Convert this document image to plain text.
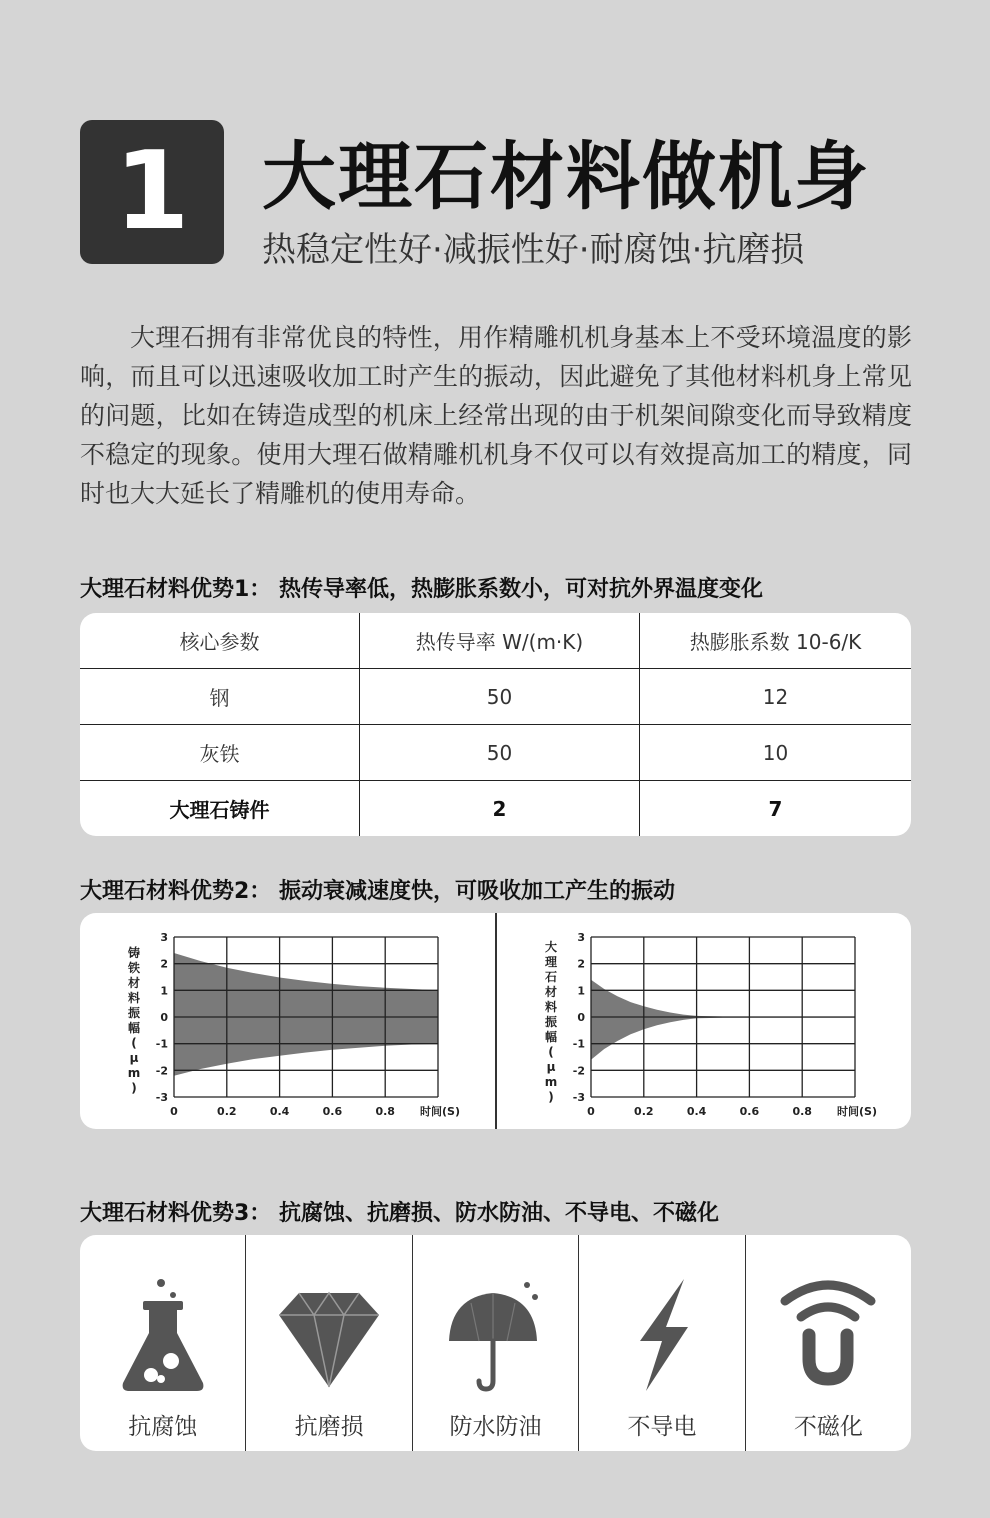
1 大理石材料做机身
热稳定性好·减振性好·耐腐蚀·抗磨损
大理石拥有非常优良的特性，用作精雕机机身基本上不受环境温度的影响，而且可以迅速吸收加工时产生的振动，因此避免了其他材料机身上常见的问题，比如在铸造成型的机床上经常出现的由于机架间隙变化而导致精度不稳定的现象。使用大理石做精雕机机身不仅可以有效提高加工的精度，同时也大大延长了精雕机的使用寿命。
大理石材料优势1： 热传导率低，热膨胀系数小，可对抗外界温度变化
核心参数	热传导率 W/(m·K)	热膨胀系数 10-6/K
钢	50	12
灰铁	50	10
大理石铸件	2	7
大理石材料优势2： 振动衰减速度快，可吸收加工产生的振动
3
2
1
0
-1
-2
-3
0	0.2	0.4	0.6	0.8 时间(S)
铸铁材料振幅( μ m )
3
2
1
0
-1
-2
-3
0	0.2	0.4	0.6	0.8 时间(S)
大理石材料振幅( μ m )
大理石材料优势3： 抗腐蚀、抗磨损、防水防油、不导电、不磁化
抗腐蚀	抗磨损	防水防油	不导电	不磁化
